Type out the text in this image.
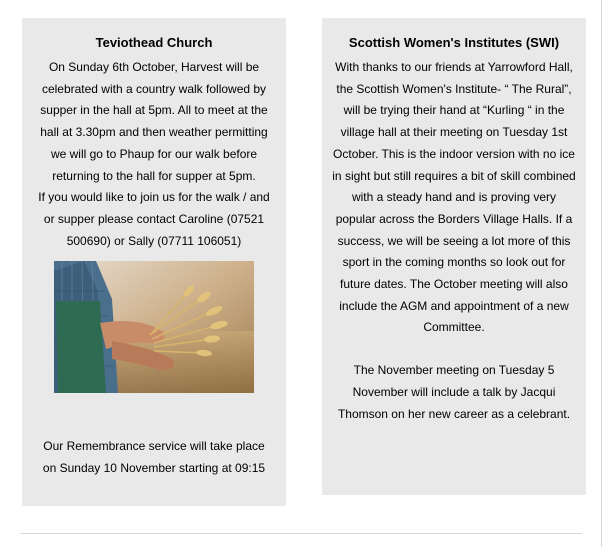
Teviothead Church

On Sunday 6th October, Harvest will be celebrated with a country walk followed by supper in the hall at 5pm. All to meet at the hall at 3.30pm and then weather permitting we will go to Phaup for our walk before returning to the hall for supper at 5pm.

If you would like to join us for the walk / and or supper please contact Caroline (07521 500690) or Sally (07711 106051)

Our Remembrance service will take place on Sunday 10 November starting at 09:15

Scottish Women's Institutes (SWI)

With thanks to our friends at Yarrowford Hall, the Scottish Women's Institute- “ The Rural”, will be trying their hand at “Kurling “ in the village hall at their meeting on Tuesday 1st October. This is the indoor version with no ice in sight but still requires a bit of skill combined with a steady hand and is proving very popular across the Borders Village Halls. If a success, we will be seeing a lot more of this sport in the coming months so look out for future dates. The October meeting will also include the AGM and appointment of a new Committee.

The November meeting on Tuesday 5 November will include a talk by Jacqui Thomson on her new career as a celebrant.
